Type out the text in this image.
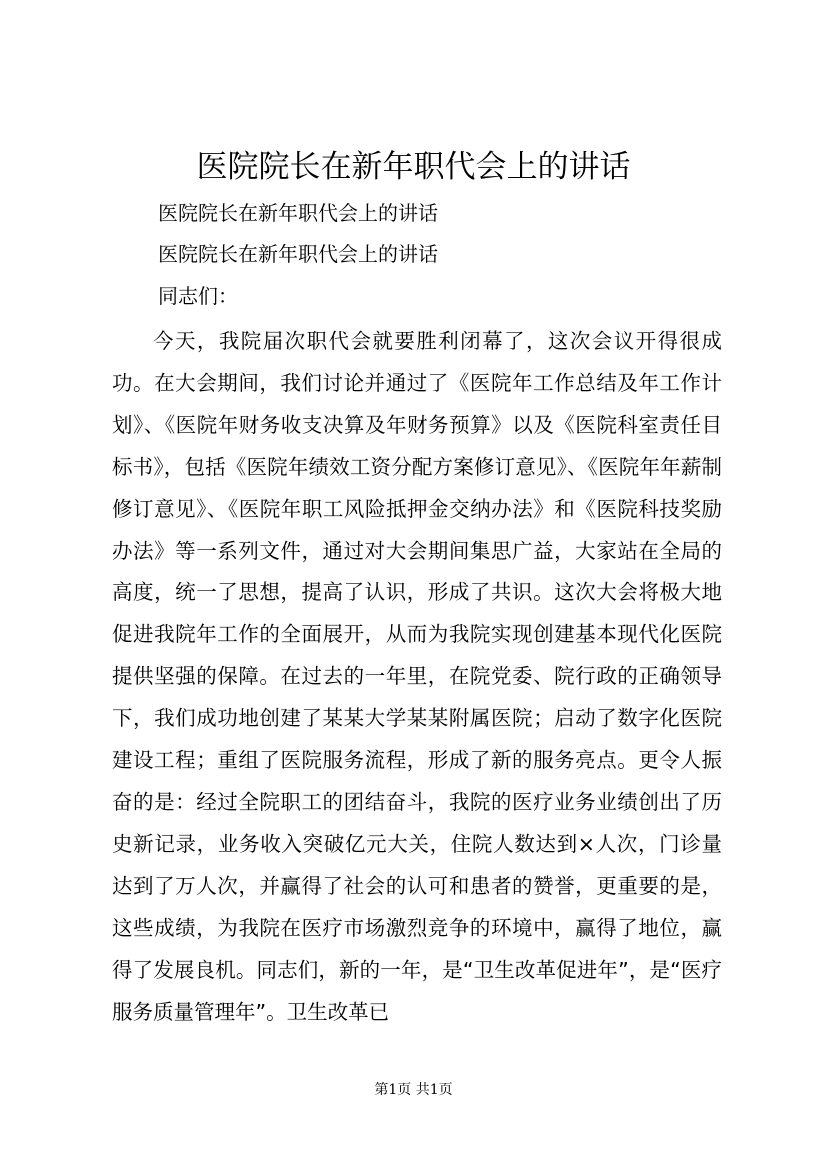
医院院长在新年职代会上的讲话
医院院长在新年职代会上的讲话
医院院长在新年职代会上的讲话
同志们：
今天，我院届次职代会就要胜利闭幕了，这次会议开得很成功。在大会期间，我们讨论并通过了《医院年工作总结及年工作计划》、《医院年财务收支决算及年财务预算》以及《医院科室责任目标书》，包括《医院年绩效工资分配方案修订意见》、《医院年年薪制修订意见》、《医院年职工风险抵押金交纳办法》和《医院科技奖励办法》等一系列文件，通过对大会期间集思广益，大家站在全局的高度，统一了思想，提高了认识，形成了共识。这次大会将极大地促进我院年工作的全面展开，从而为我院实现创建基本现代化医院提供坚强的保障。在过去的一年里，在院党委、院行政的正确领导下，我们成功地创建了某某大学某某附属医院；启动了数字化医院建设工程；重组了医院服务流程，形成了新的服务亮点。更令人振奋的是：经过全院职工的团结奋斗，我院的医疗业务业绩创出了历史新记录，业务收入突破亿元大关，住院人数达到×人次，门诊量达到了万人次，并赢得了社会的认可和患者的赞誉，更重要的是，这些成绩，为我院在医疗市场激烈竞争的环境中，赢得了地位，赢得了发展良机。同志们，新的一年，是“卫生改革促进年”，是“医疗服务质量管理年”。卫生改革已
第1页 共1页
